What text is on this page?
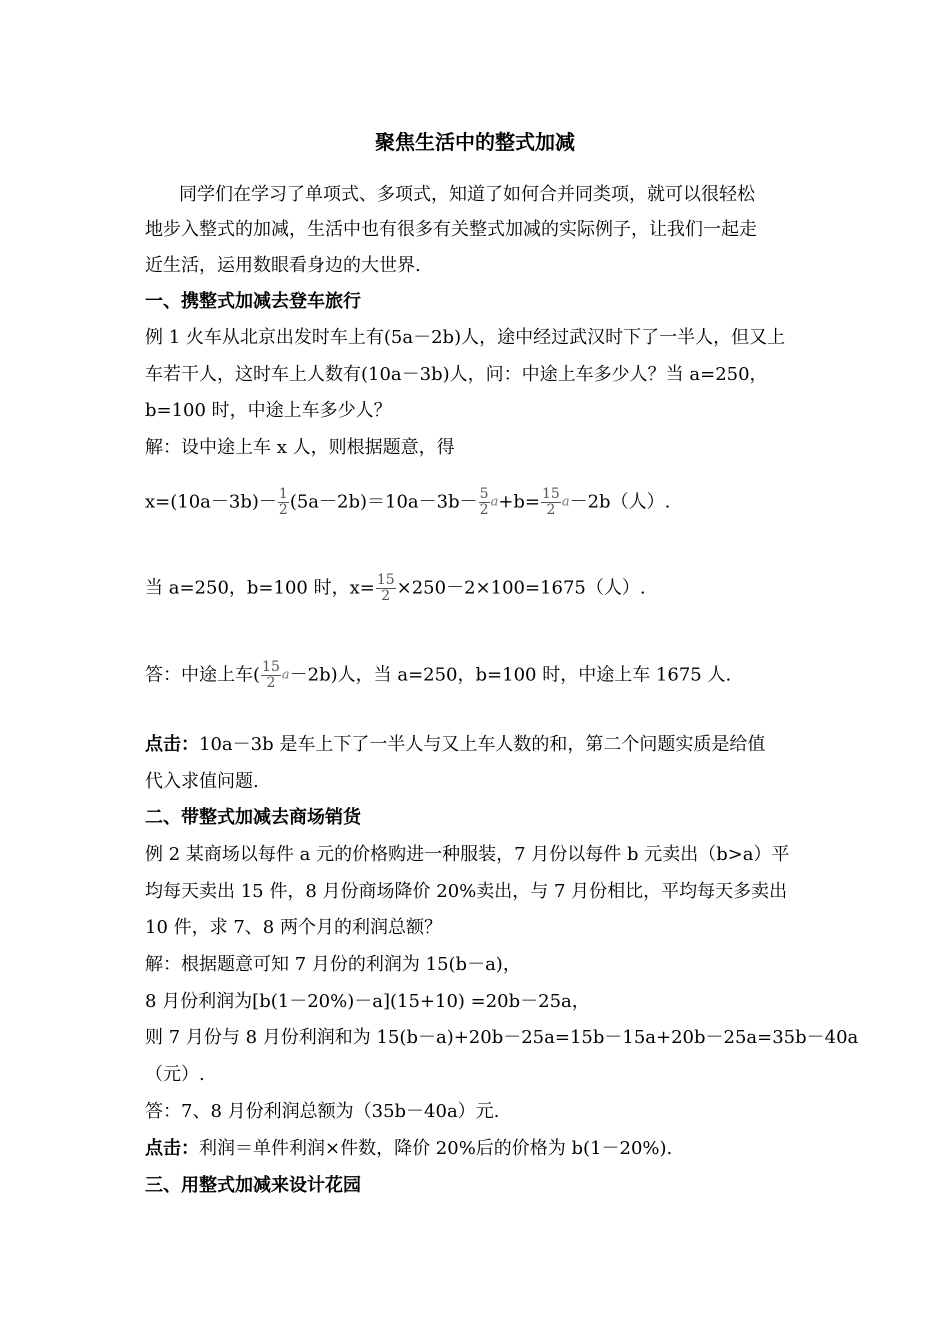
聚焦生活中的整式加减
同学们在学习了单项式、多项式，知道了如何合并同类项，就可以很轻松
地步入整式的加减，生活中也有很多有关整式加减的实际例子，让我们一起走
近生活，运用数眼看身边的大世界.
一、携整式加减去登车旅行
例 1 火车从北京出发时车上有(5a－2b)人，途中经过武汉时下了一半人，但又上
车若干人，这时车上人数有(10a－3b)人，问：中途上车多少人？当 a=250，
b=100 时，中途上车多少人？
解：设中途上车 x 人，则根据题意，得
$x=(10a-3b)- \frac{1}{2} (5a-2b)=10a-3b- \frac{5}{2} a+b= \frac{15}{2} a-2b$（人）.
当 a=250，b=100 时，$x= \frac{15}{2} \times 250-2\times 100=1675$（人）.
答：中途上车( $\frac{15}{2} a-2b$)人，当 a=250，b=100 时，中途上车 1675 人.
点击：10a－3b 是车上下了一半人与又上车人数的和，第二个问题实质是给值
代入求值问题.
二、带整式加减去商场销货
例 2 某商场以每件 a 元的价格购进一种服装，7 月份以每件 b 元卖出（b>a）平
均每天卖出 15 件，8 月份商场降价 20%卖出，与 7 月份相比，平均每天多卖出
10 件，求 7、8 两个月的利润总额？
解：根据题意可知 7 月份的利润为 15(b－a)，
8 月份利润为[b(1－20%)－a](15+10) =20b－25a，
则 7 月份与 8 月份利润和为 15(b－a)+20b－25a=15b－15a+20b－25a=35b－40a
（元）.
答：7、8 月份利润总额为（35b－40a）元.
点击：利润＝单件利润×件数，降价 20%后的价格为 b(1－20%).
三、用整式加减来设计花园
